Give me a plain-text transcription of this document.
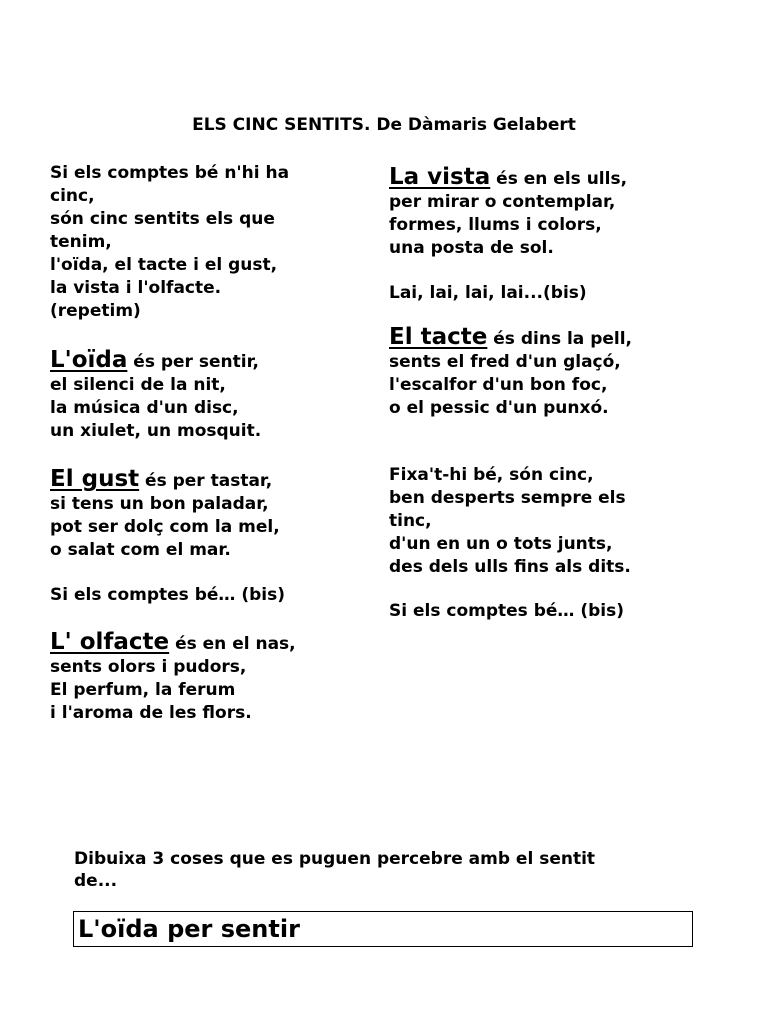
ELS CINC SENTITS. De Dàmaris Gelabert
Si els comptes bé n'hi ha
cinc,
són cinc sentits els que
tenim,
l'oïda, el tacte i el gust,
la vista i l'olfacte.
(repetim)
L'oïda és per sentir,
el silenci de la nit,
la música d'un disc,
un xiulet, un mosquit.
El gust és per tastar,
si tens un bon paladar,
pot ser dolç com la mel,
o salat com el mar.
Si els comptes bé… (bis)
L' olfacte és en el nas,
sents olors i pudors,
El perfum, la ferum
i l'aroma de les flors.
La vista és en els ulls,
per mirar o contemplar,
formes, llums i colors,
una posta de sol.
Lai, lai, lai, lai...(bis)
El tacte és dins la pell,
sents el fred d'un glaçó,
l'escalfor d'un bon foc,
o el pessic d'un punxó.
Fixa't-hi bé, són cinc,
ben desperts sempre els
tinc,
d'un en un o tots junts,
des dels ulls fins als dits.
Si els comptes bé… (bis)
Dibuixa 3 coses que es puguen percebre amb el sentit
de...
L'oïda per sentir
